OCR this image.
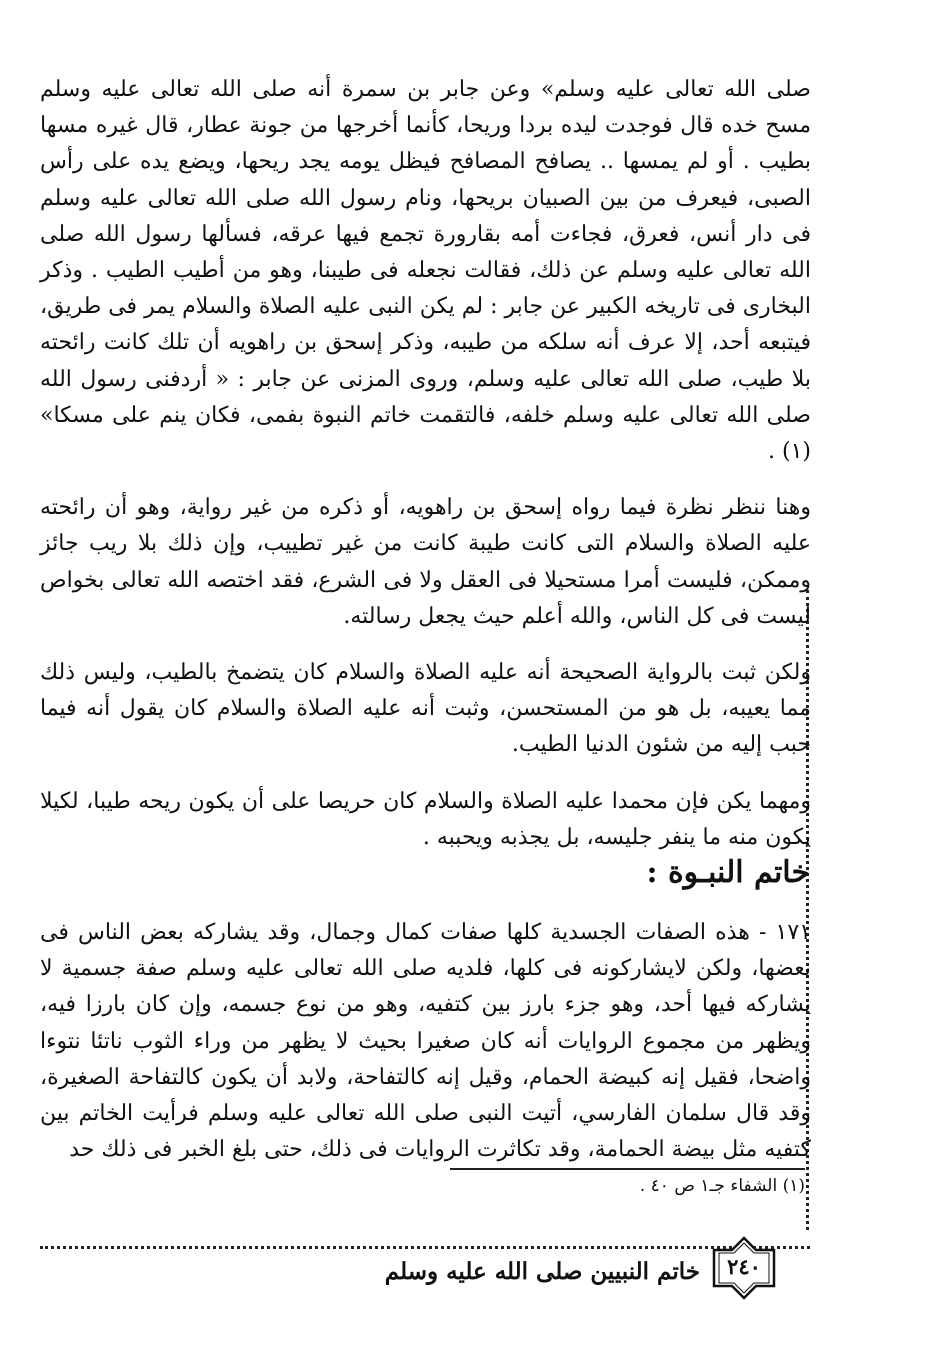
صلى الله تعالى عليه وسلم» وعن جابر بن سمرة أنه صلى الله تعالى عليه وسلم مسح خده قال فوجدت ليده بردا وريحا، كأنما أخرجها من جونة عطار، قال غيره مسها بطيب . أو لم يمسها .. يصافح المصافح فيظل يومه يجد ريحها، ويضع يده على رأس الصبى، فيعرف من بين الصبيان بريحها، ونام رسول الله صلى الله تعالى عليه وسلم فى دار أنس، فعرق، فجاءت أمه بقارورة تجمع فيها عرقه، فسألها رسول الله صلى الله تعالى عليه وسلم عن ذلك، فقالت نجعله فى طيبنا، وهو من أطيب الطيب . وذكر البخارى فى تاريخه الكبير عن جابر : لم يكن النبى عليه الصلاة والسلام يمر فى طريق، فيتبعه أحد، إلا عرف أنه سلكه من طيبه، وذكر إسحق بن راهويه أن تلك كانت رائحته بلا طيب، صلى الله تعالى عليه وسلم، وروى المزنى عن جابر : « أردفنى رسول الله صلى الله تعالى عليه وسلم خلفه، فالتقمت خاتم النبوة بفمى، فكان ينم على مسكا» (١) .

وهنا ننظر نظرة فيما رواه إسحق بن راهويه، أو ذكره من غير رواية، وهو أن رائحته عليه الصلاة والسلام التى كانت طيبة كانت من غير تطييب، وإن ذلك بلا ريب جائز وممكن، فليست أمرا مستحيلا فى العقل ولا فى الشرع، فقد اختصه الله تعالى بخواص ليست فى كل الناس، والله أعلم حيث يجعل رسالته.

ولكن ثبت بالرواية الصحيحة أنه عليه الصلاة والسلام كان يتضمخ بالطيب، وليس ذلك مما يعيبه، بل هو من المستحسن، وثبت أنه عليه الصلاة والسلام كان يقول أنه فيما حبب إليه من شئون الدنيا الطيب.

ومهما يكن فإن محمدا عليه الصلاة والسلام كان حريصا على أن يكون ريحه طيبا، لكيلا يكون منه ما ينفر جليسه، بل يجذبه ويحببه .

خاتم النبـوة :

١٧١ - هذه الصفات الجسدية كلها صفات كمال وجمال، وقد يشاركه بعض الناس فى بعضها، ولكن لايشاركونه فى كلها، فلديه صلى الله تعالى عليه وسلم صفة جسمية لا يشاركه فيها أحد، وهو جزء بارز بين كتفيه، وهو من نوع جسمه، وإن كان بارزا فيه، ويظهر من مجموع الروايات أنه كان صغيرا بحيث لا يظهر من وراء الثوب ناتئا نتوءا واضحا، فقيل إنه كبيضة الحمام، وقيل إنه كالتفاحة، ولابد أن يكون كالتفاحة الصغيرة، وقد قال سلمان الفارسي، أتيت النبى صلى الله تعالى عليه وسلم فرأيت الخاتم بين كتفيه مثل بيضة الحمامة، وقد تكاثرت الروايات فى ذلك، حتى بلغ الخبر فى ذلك حد

(١) الشفاء جـ١ ص ٤٠ .
خاتم النبيين صلى الله عليه وسلم	٢٤٠
